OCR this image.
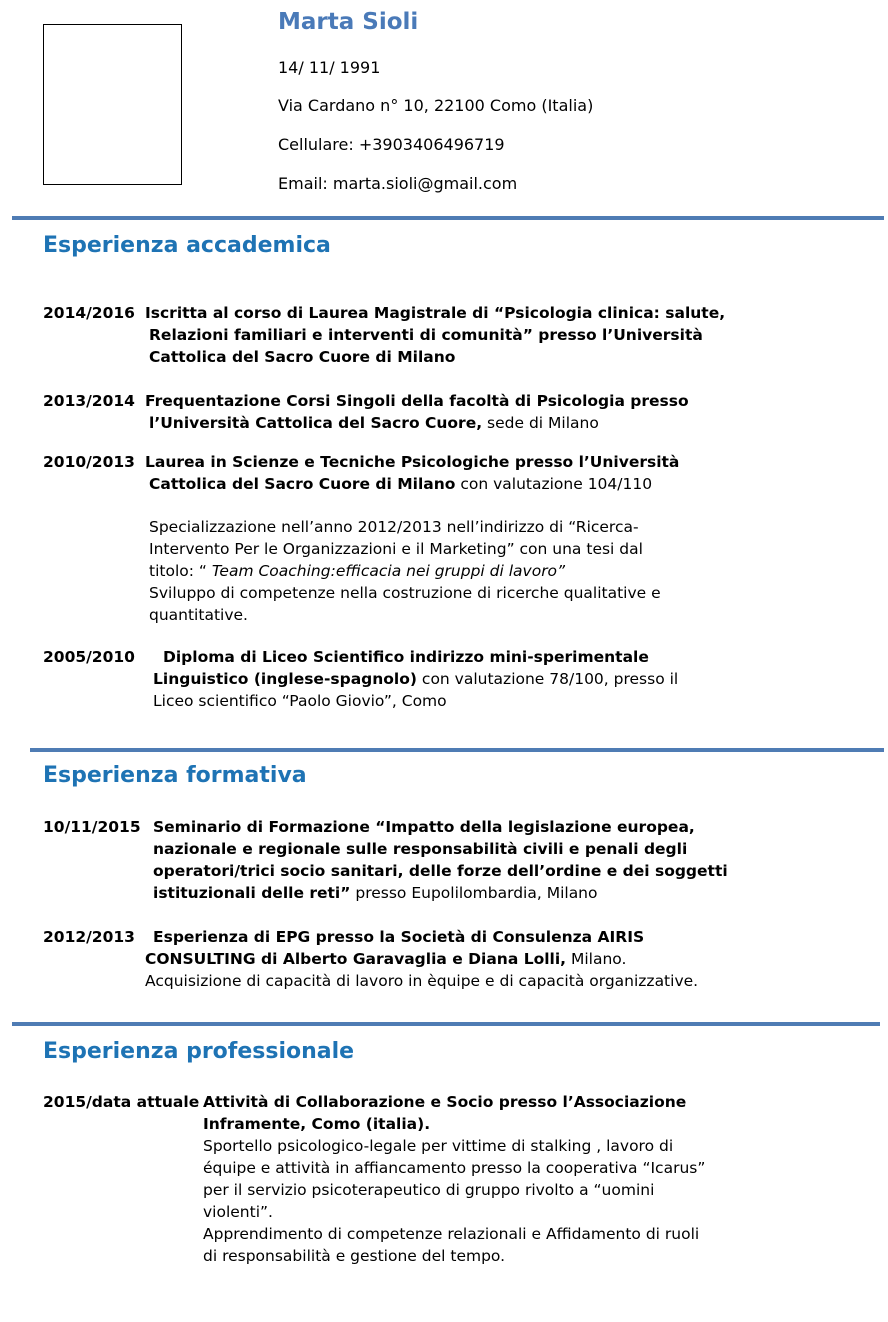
Marta Sioli
14/ 11/ 1991
Via Cardano n° 10, 22100 Como (Italia)
Cellulare: +3903406496719
Email: marta.sioli@gmail.com
Esperienza accademica
2014/2016 Iscritta al corso di Laurea Magistrale di “Psicologia clinica: salute,
Relazioni familiari e interventi di comunità” presso l’Università
Cattolica del Sacro Cuore di Milano
2013/2014 Frequentazione Corsi Singoli della facoltà di Psicologia presso
l’Università Cattolica del Sacro Cuore, sede di Milano
2010/2013 Laurea in Scienze e Tecniche Psicologiche presso l’Università
Cattolica del Sacro Cuore di Milano con valutazione 104/110
Specializzazione nell’anno 2012/2013 nell’indirizzo di “Ricerca-
Intervento Per le Organizzazioni e il Marketing” con una tesi dal
titolo: “ Team Coaching:efficacia nei gruppi di lavoro”
Sviluppo di competenze nella costruzione di ricerche qualitative e
quantitative.
2005/2010 Diploma di Liceo Scientifico indirizzo mini-sperimentale
Linguistico (inglese-spagnolo) con valutazione 78/100, presso il
Liceo scientifico “Paolo Giovio”, Como
Esperienza formativa
10/11/2015 Seminario di Formazione “Impatto della legislazione europea,
nazionale e regionale sulle responsabilità civili e penali degli
operatori/trici socio sanitari, delle forze dell’ordine e dei soggetti
istituzionali delle reti” presso Eupolilombardia, Milano
2012/2013 Esperienza di EPG presso la Società di Consulenza AIRIS
CONSULTING di Alberto Garavaglia e Diana Lolli, Milano.
Acquisizione di capacità di lavoro in èquipe e di capacità organizzative.
Esperienza professionale
2015/data attuale Attività di Collaborazione e Socio presso l’Associazione
Inframente, Como (italia).
Sportello psicologico-legale per vittime di stalking , lavoro di
équipe e attività in affiancamento presso la cooperativa “Icarus”
per il servizio psicoterapeutico di gruppo rivolto a “uomini
violenti”.
Apprendimento di competenze relazionali e Affidamento di ruoli
di responsabilità e gestione del tempo.
